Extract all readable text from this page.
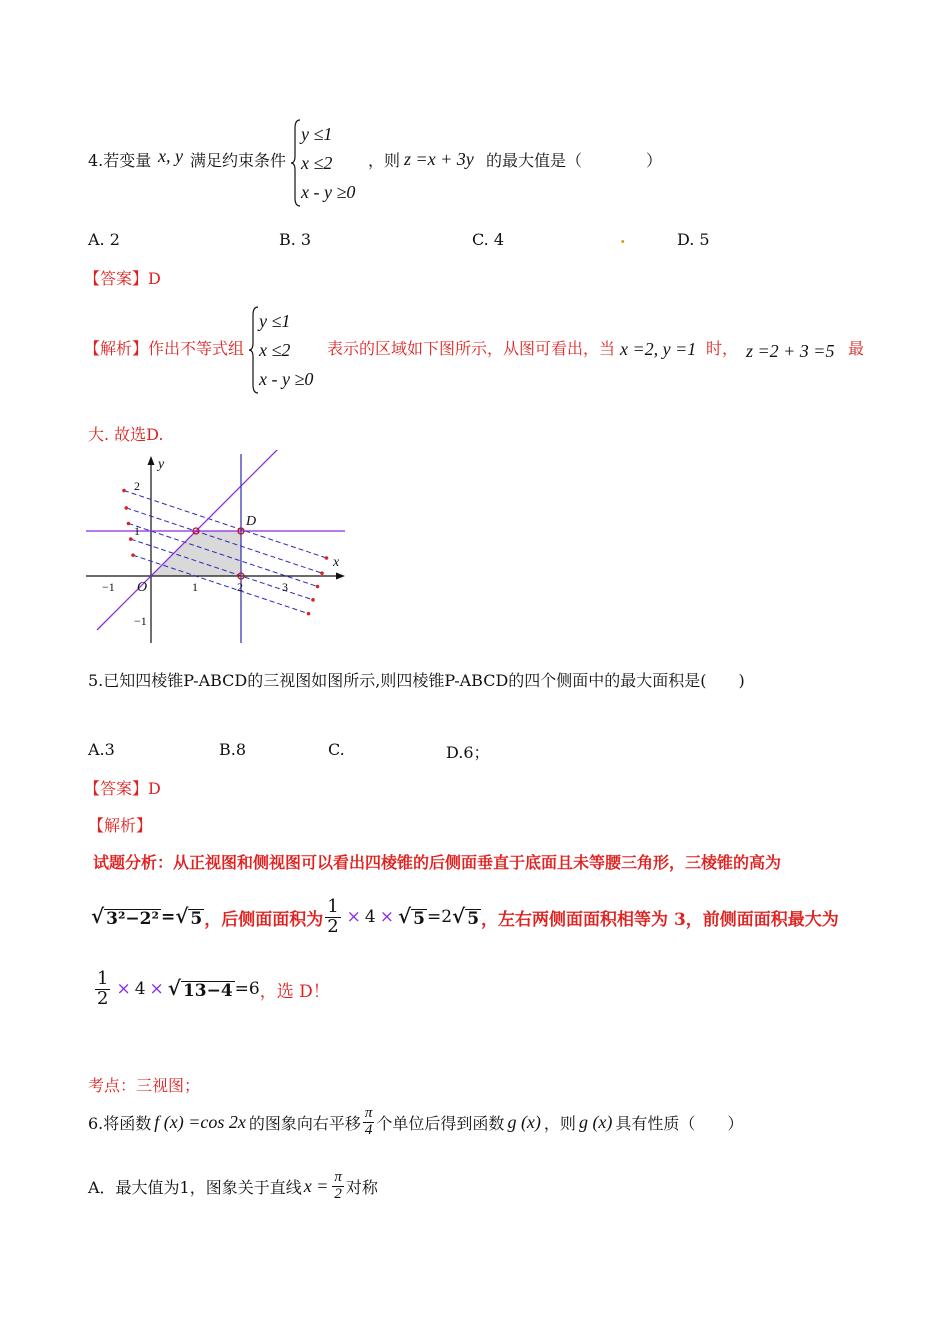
4.若变量 x, y 满足约束条件
y ≤1
x ≤2
x - y ≥0
，则 z =x + 3y 的最大值是（　　　　）
A. 2	B. 3	C. 4	.	D. 5
【答案】D
【解析】 作出不等式组
y ≤1
x ≤2
x - y ≥0
表示的区域如下图所示，从图可看出，当 x =2, y =1 时， z =2 + 3 =5 最
大. 故选D.
−1	1	2	3
2
1
−1
x
y
O
D
5.已知四棱锥P-ABCD的三视图如图所示,则四棱锥P-ABCD的四个侧面中的最大面积是(　　)
A.3	B.8	C.	D.6；
【答案】D
【解析】
试题分析：从正视图和侧视图可以看出四棱锥的后侧面垂直于底面且未等腰三角形，三棱锥的高为
√ 3²−2² = √ 5 ，后侧面面积为 $\frac{1}{2} \times 4$ × √ 5 =2 √ 5 ，左右两侧面面积相等为 3，前侧面面积最大为
$\frac{1}{2} \times 4$ × √ 13−4 =6 ，选 D！
考点：三视图；
6.将函数 f (x) =cos 2x 的图象向右平移 $\frac{\pi}{4}$ 个单位后得到函数 g (x) ，则 g (x) 具有性质（　　）
A．最大值为1，图象关于直线 $x = \frac{\pi}{2}$ 对称
